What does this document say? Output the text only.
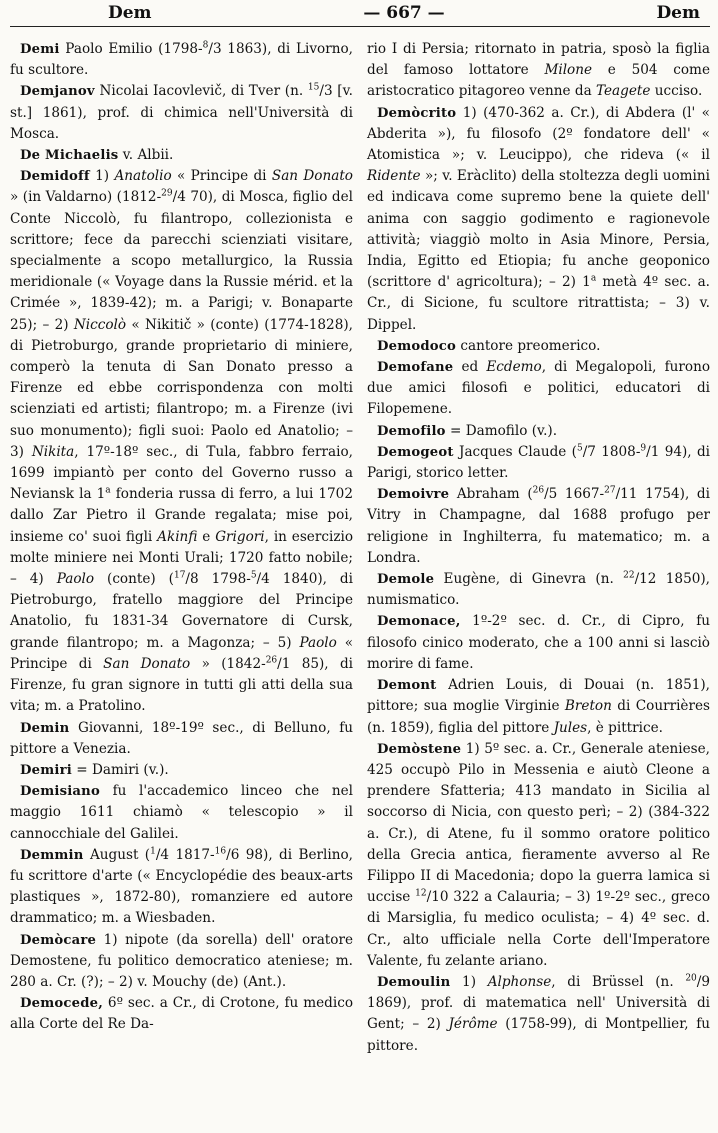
Dem	— 667 —	Dem

Demi Paolo Emilio (1798-$^8$/3 1863), di Livorno, fu scultore.

Demjanov Nicolai Iacovlevič, di Tver (n. $^{15}$/3 [v. st.] 1861), prof. di chimica nell'Università di Mosca.

De Michaelis v. Albii.

Demidoff 1) Anatolio « Principe di San Donato » (in Valdarno) (1812-$^{29}$/4 70), di Mosca, figlio del Conte Niccolò, fu filantropo, collezionista e scrittore; fece da parecchi scienziati visitare, specialmente a scopo metallurgico, la Russia meridionale (« Voyage dans la Russie mérid. et la Crimée », 1839-42); m. a Parigi; v. Bonaparte 25); – 2) Niccolò « Nikitič » (conte) (1774-1828), di Pietroburgo, grande proprietario di miniere, comperò la tenuta di San Donato presso a Firenze ed ebbe corrispondenza con molti scienziati ed artisti; filantropo; m. a Firenze (ivi suo monumento); figli suoi: Paolo ed Anatolio; – 3) Nikita, 17º-18º sec., di Tula, fabbro ferraio, 1699 impiantò per conto del Governo russo a Neviansk la 1$^a$ fonderia russa di ferro, a lui 1702 dallo Zar Pietro il Grande regalata; mise poi, insieme co' suoi figli Akinfi e Grigori, in esercizio molte miniere nei Monti Urali; 1720 fatto nobile; – 4) Paolo (conte) ($^{17}$/8 1798-$^5$/4 1840), di Pietroburgo, fratello maggiore del Principe Anatolio, fu 1831-34 Governatore di Cursk, grande filantropo; m. a Magonza; – 5) Paolo « Principe di San Donato » (1842-$^{26}$/1 85), di Firenze, fu gran signore in tutti gli atti della sua vita; m. a Pratolino.

Demin Giovanni, 18º-19º sec., di Belluno, fu pittore a Venezia.

Demiri = Damiri (v.).

Demisiano fu l'accademico linceo che nel maggio 1611 chiamò « telescopio » il cannocchiale del Galilei.

Demmin August ($^1$/4 1817-$^{16}$/6 98), di Berlino, fu scrittore d'arte (« Encyclopédie des beaux-arts plastiques », 1872-80), romanziere ed autore drammatico; m. a Wiesbaden.

Demòcare 1) nipote (da sorella) dell' oratore Demostene, fu politico democratico ateniese; m. 280 a. Cr. (?); – 2) v. Mouchy (de) (Ant.).

Democede, 6º sec. a Cr., di Crotone, fu medico alla Corte del Re Da-

rio I di Persia; ritornato in patria, sposò la figlia del famoso lottatore Milone e 504 come aristocratico pitagoreo venne da Teagete ucciso.

Demòcrito 1) (470-362 a. Cr.), di Abdera (l' « Abderita »), fu filosofo (2º fondatore dell' « Atomistica »; v. Leucippo), che rideva (« il Ridente »; v. Eràclito) della stoltezza degli uomini ed indicava come supremo bene la quiete dell' anima con saggio godimento e ragionevole attività; viaggiò molto in Asia Minore, Persia, India, Egitto ed Etiopia; fu anche geoponico (scrittore d' agricoltura); – 2) 1$^a$ metà 4º sec. a. Cr., di Sicione, fu scultore ritrattista; – 3) v. Dippel.

Demodoco cantore preomerico.

Demofane ed Ecdemo, di Megalopoli, furono due amici filosofi e politici, educatori di Filopemene.

Demofilo = Damofilo (v.).

Demogeot Jacques Claude ($^5$/7 1808-$^9$/1 94), di Parigi, storico letter.

Demoivre Abraham ($^{26}$/5 1667-$^{27}$/11 1754), di Vitry in Champagne, dal 1688 profugo per religione in Inghilterra, fu matematico; m. a Londra.

Demole Eugène, di Ginevra (n. $^{22}$/12 1850), numismatico.

Demonace, 1º-2º sec. d. Cr., di Cipro, fu filosofo cinico moderato, che a 100 anni si lasciò morire di fame.

Demont Adrien Louis, di Douai (n. 1851), pittore; sua moglie Virginie Breton di Courrières (n. 1859), figlia del pittore Jules, è pittrice.

Demòstene 1) 5º sec. a. Cr., Generale ateniese, 425 occupò Pilo in Messenia e aiutò Cleone a prendere Sfatteria; 413 mandato in Sicilia al soccorso di Nicia, con questo perì; – 2) (384-322 a. Cr.), di Atene, fu il sommo oratore politico della Grecia antica, fieramente avverso al Re Filippo II di Macedonia; dopo la guerra lamica si uccise $^{12}$/10 322 a Calauria; – 3) 1º-2º sec., greco di Marsiglia, fu medico oculista; – 4) 4º sec. d. Cr., alto ufficiale nella Corte dell'Imperatore Valente, fu zelante ariano.

Demoulin 1) Alphonse, di Brüssel (n. $^{20}$/9 1869), prof. di matematica nell' Università di Gent; – 2) Jérôme (1758-99), di Montpellier, fu pittore.
